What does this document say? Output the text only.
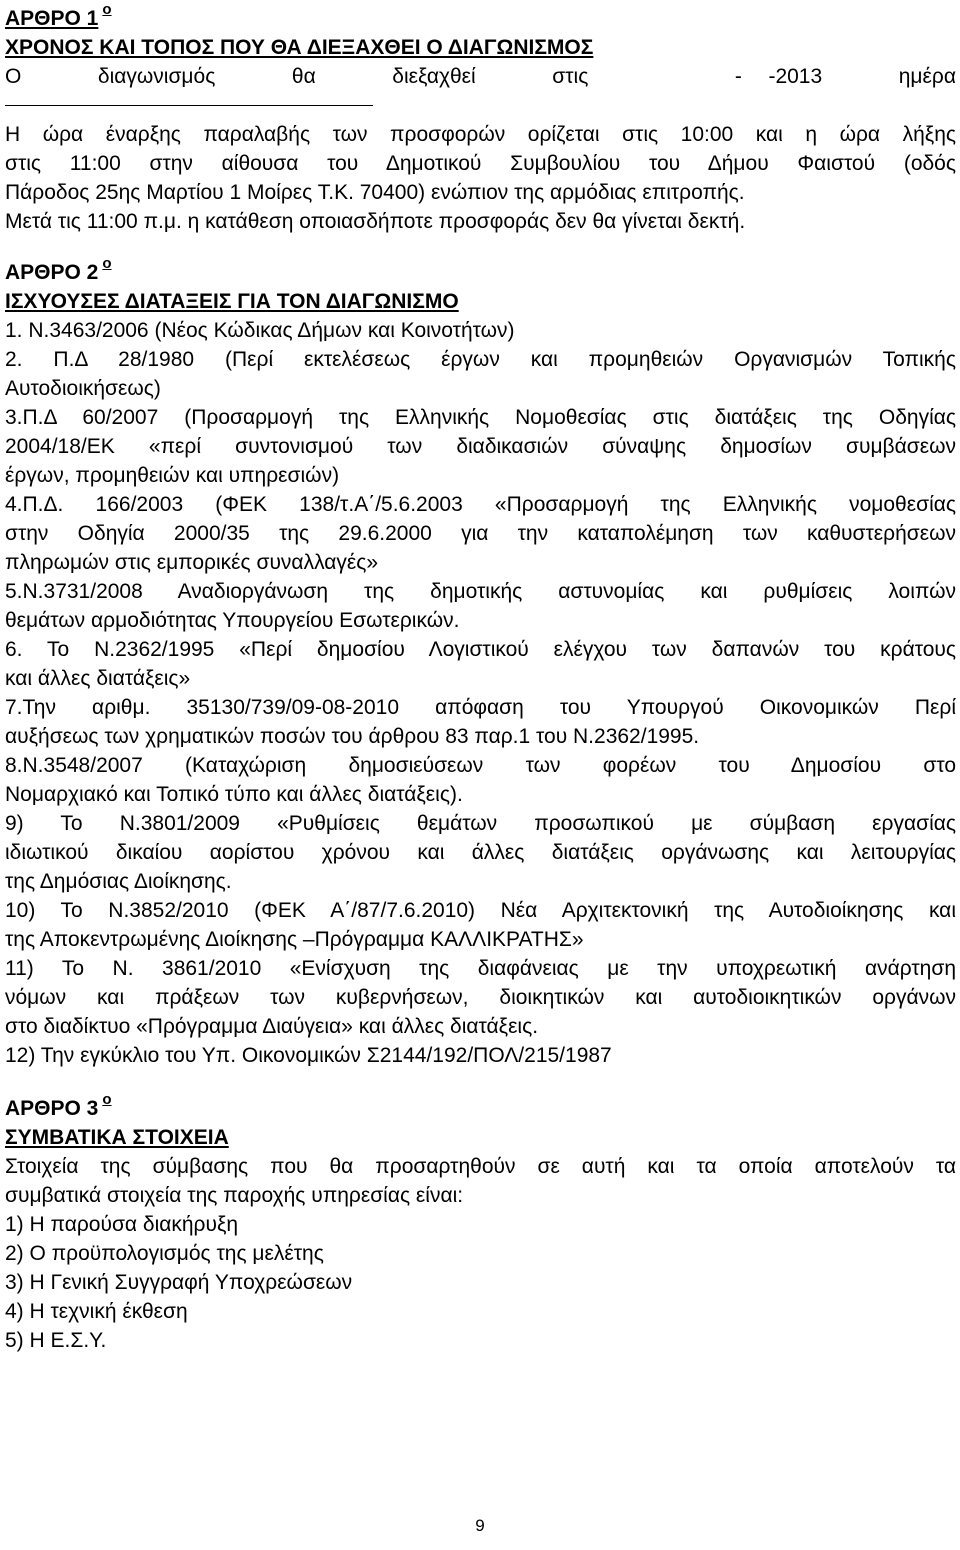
ΑΡΘΡΟ 1 $^o$
ΧΡΟΝΟΣ ΚΑΙ ΤΟΠΟΣ ΠΟΥ ΘΑ ΔΙΕΞΑΧΘΕΙ Ο ΔΙΑΓΩΝΙΣΜΟΣ
Ο	διαγωνισμός	θα	διεξαχθεί	στις	- -2013	ημέρα
Η ώρα έναρξης παραλαβής των προσφορών ορίζεται στις 10:00 και η ώρα λήξης
στις 11:00 στην αίθουσα του Δημοτικού Συμβουλίου του Δήμου Φαιστού (οδός
Πάροδος 25ης Μαρτίου 1 Μοίρες Τ.Κ. 70400) ενώπιον της αρμόδιας επιτροπής.
Μετά τις 11:00 π.μ. η κατάθεση οποιασδήποτε προσφοράς δεν θα γίνεται δεκτή.
ΑΡΘΡΟ 2 $^o$
ΙΣΧΥΟΥΣΕΣ ΔΙΑΤΑΞΕΙΣ ΓΙΑ ΤΟΝ ΔΙΑΓΩΝΙΣΜΟ
1. Ν.3463/2006 (Νέος Κώδικας Δήμων και Κοινοτήτων)
2. Π.Δ 28/1980 (Περί εκτελέσεως έργων και προμηθειών Οργανισμών Τοπικής
Αυτοδιοικήσεως)
3.Π.Δ 60/2007 (Προσαρμογή της Ελληνικής Νομοθεσίας στις διατάξεις της Οδηγίας
2004/18/ΕΚ «περί συντονισμού των διαδικασιών σύναψης δημοσίων συμβάσεων
έργων, προμηθειών και υπηρεσιών)
4.Π.Δ. 166/2003 (ΦΕΚ 138/τ.Α΄/5.6.2003 «Προσαρμογή της Ελληνικής νομοθεσίας
στην Οδηγία 2000/35 της 29.6.2000 για την καταπολέμηση των καθυστερήσεων
πληρωμών στις εμπορικές συναλλαγές»
5.Ν.3731/2008 Αναδιοργάνωση της δημοτικής αστυνομίας και ρυθμίσεις λοιπών
θεμάτων αρμοδιότητας Υπουργείου Εσωτερικών.
6. Το Ν.2362/1995 «Περί δημοσίου Λογιστικού ελέγχου των δαπανών του κράτους
και άλλες διατάξεις»
7.Την αριθμ. 35130/739/09-08-2010 απόφαση του Υπουργού Οικονομικών Περί
αυξήσεως των χρηματικών ποσών του άρθρου 83 παρ.1 του Ν.2362/1995.
8.Ν.3548/2007 (Καταχώριση δημοσιεύσεων των φορέων του Δημοσίου στο
Νομαρχιακό και Τοπικό τύπο και άλλες διατάξεις).
9) Το Ν.3801/2009 «Ρυθμίσεις θεμάτων προσωπικού με σύμβαση εργασίας
ιδιωτικού δικαίου αορίστου χρόνου και άλλες διατάξεις οργάνωσης και λειτουργίας
της Δημόσιας Διοίκησης.
10) Το Ν.3852/2010 (ΦΕΚ Α΄/87/7.6.2010) Νέα Αρχιτεκτονική της Αυτοδιοίκησης και
της Αποκεντρωμένης Διοίκησης –Πρόγραμμα ΚΑΛΛΙΚΡΑΤΗΣ»
11) Το Ν. 3861/2010 «Ενίσχυση της διαφάνειας με την υποχρεωτική ανάρτηση
νόμων και πράξεων των κυβερνήσεων, διοικητικών και αυτοδιοικητικών οργάνων
στο διαδίκτυο «Πρόγραμμα Διαύγεια» και άλλες διατάξεις.
12) Την εγκύκλιο του Υπ. Οικονομικών Σ2144/192/ΠΟΛ/215/1987
ΑΡΘΡΟ 3 $^o$
ΣΥΜΒΑΤΙΚΑ ΣΤΟΙΧΕΙΑ
Στοιχεία της σύμβασης που θα προσαρτηθούν σε αυτή και τα οποία αποτελούν τα
συμβατικά στοιχεία της παροχής υπηρεσίας είναι:
1) Η παρούσα διακήρυξη
2) Ο προϋπολογισμός της μελέτης
3) Η Γενική Συγγραφή Υποχρεώσεων
4) Η τεχνική έκθεση
5) Η Ε.Σ.Υ.
9
